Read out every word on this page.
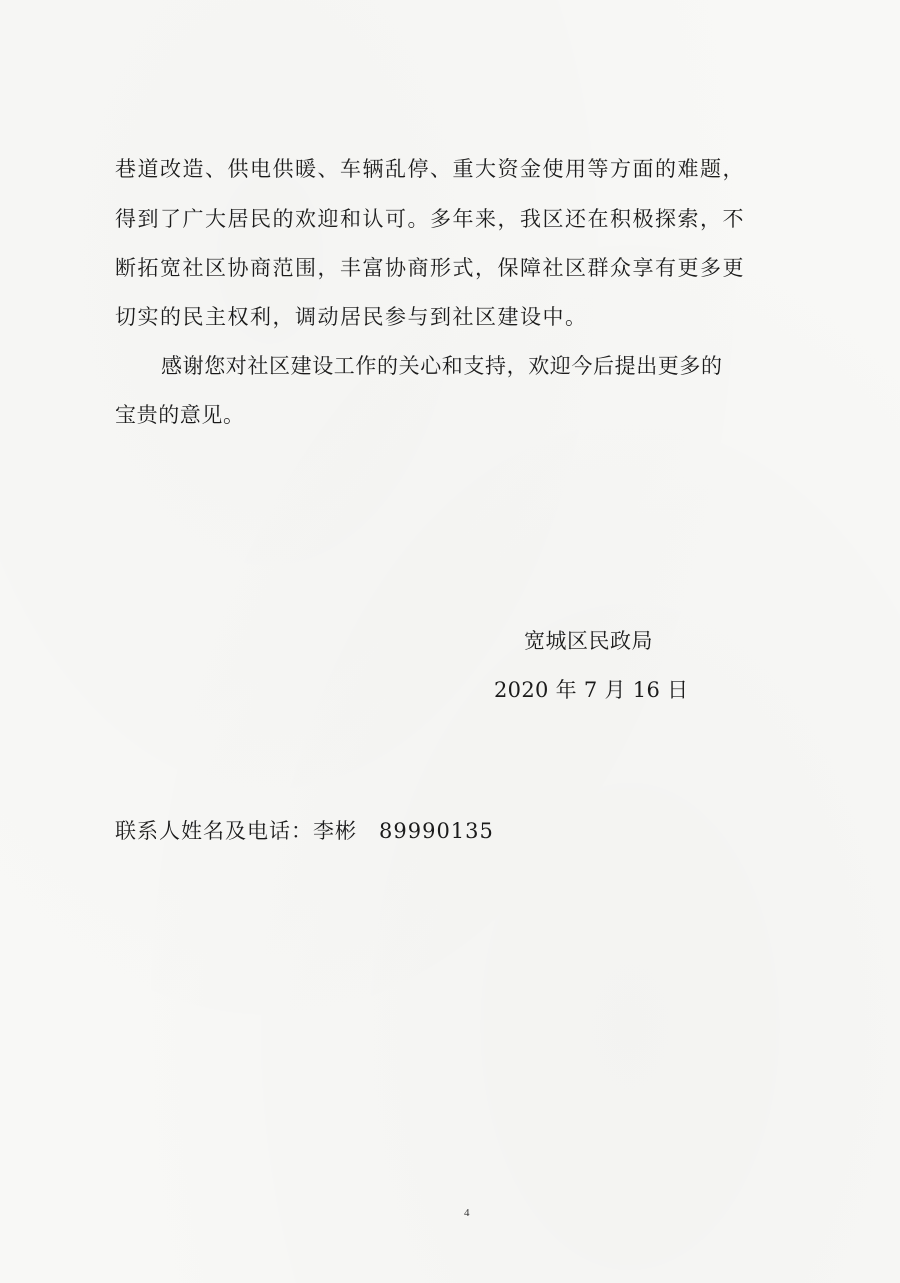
巷道改造、供电供暖、车辆乱停、重大资金使用等方面的难题，
得到了广大居民的欢迎和认可。多年来，我区还在积极探索，不
断拓宽社区协商范围，丰富协商形式，保障社区群众享有更多更
切实的民主权利，调动居民参与到社区建设中。
感谢您对社区建设工作的关心和支持，欢迎今后提出更多的
宝贵的意见。
宽城区民政局
2020 年 7 月 16 日
联系人姓名及电话：李彬 89990135
4
